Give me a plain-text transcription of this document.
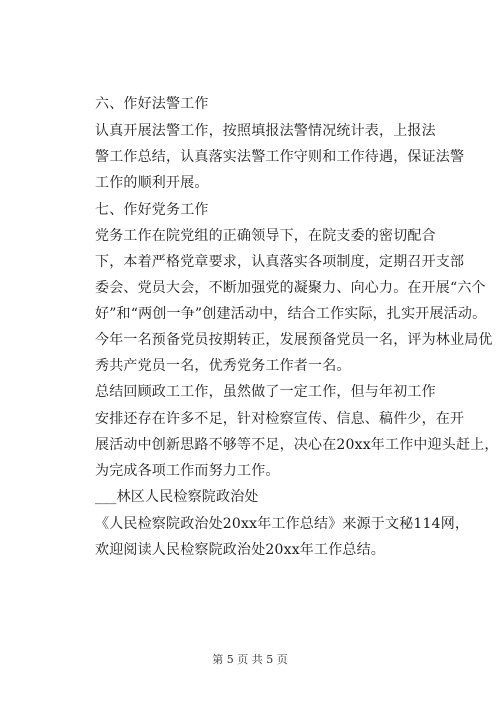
六、作好法警工作
认真开展法警工作，按照填报法警情况统计表，上报法
警工作总结，认真落实法警工作守则和工作待遇，保证法警
工作的顺利开展。
七、作好党务工作
党务工作在院党组的正确领导下，在院支委的密切配合
下，本着严格党章要求，认真落实各项制度，定期召开支部
委会、党员大会，不断加强党的凝聚力、向心力。在开展“六个
好”和“两创一争”创建活动中，结合工作实际，扎实开展活动。
今年一名预备党员按期转正，发展预备党员一名，评为林业局优
秀共产党员一名，优秀党务工作者一名。
总结回顾政工工作，虽然做了一定工作，但与年初工作
安排还存在许多不足，针对检察宣传、信息、稿件少，在开
展活动中创新思路不够等不足，决心在20xx年工作中迎头赶上，
为完成各项工作而努力工作。
___林区人民检察院政治处
《人民检察院政治处20xx年工作总结》来源于文秘114网，
欢迎阅读人民检察院政治处20xx年工作总结。
第 5 页 共 5 页
